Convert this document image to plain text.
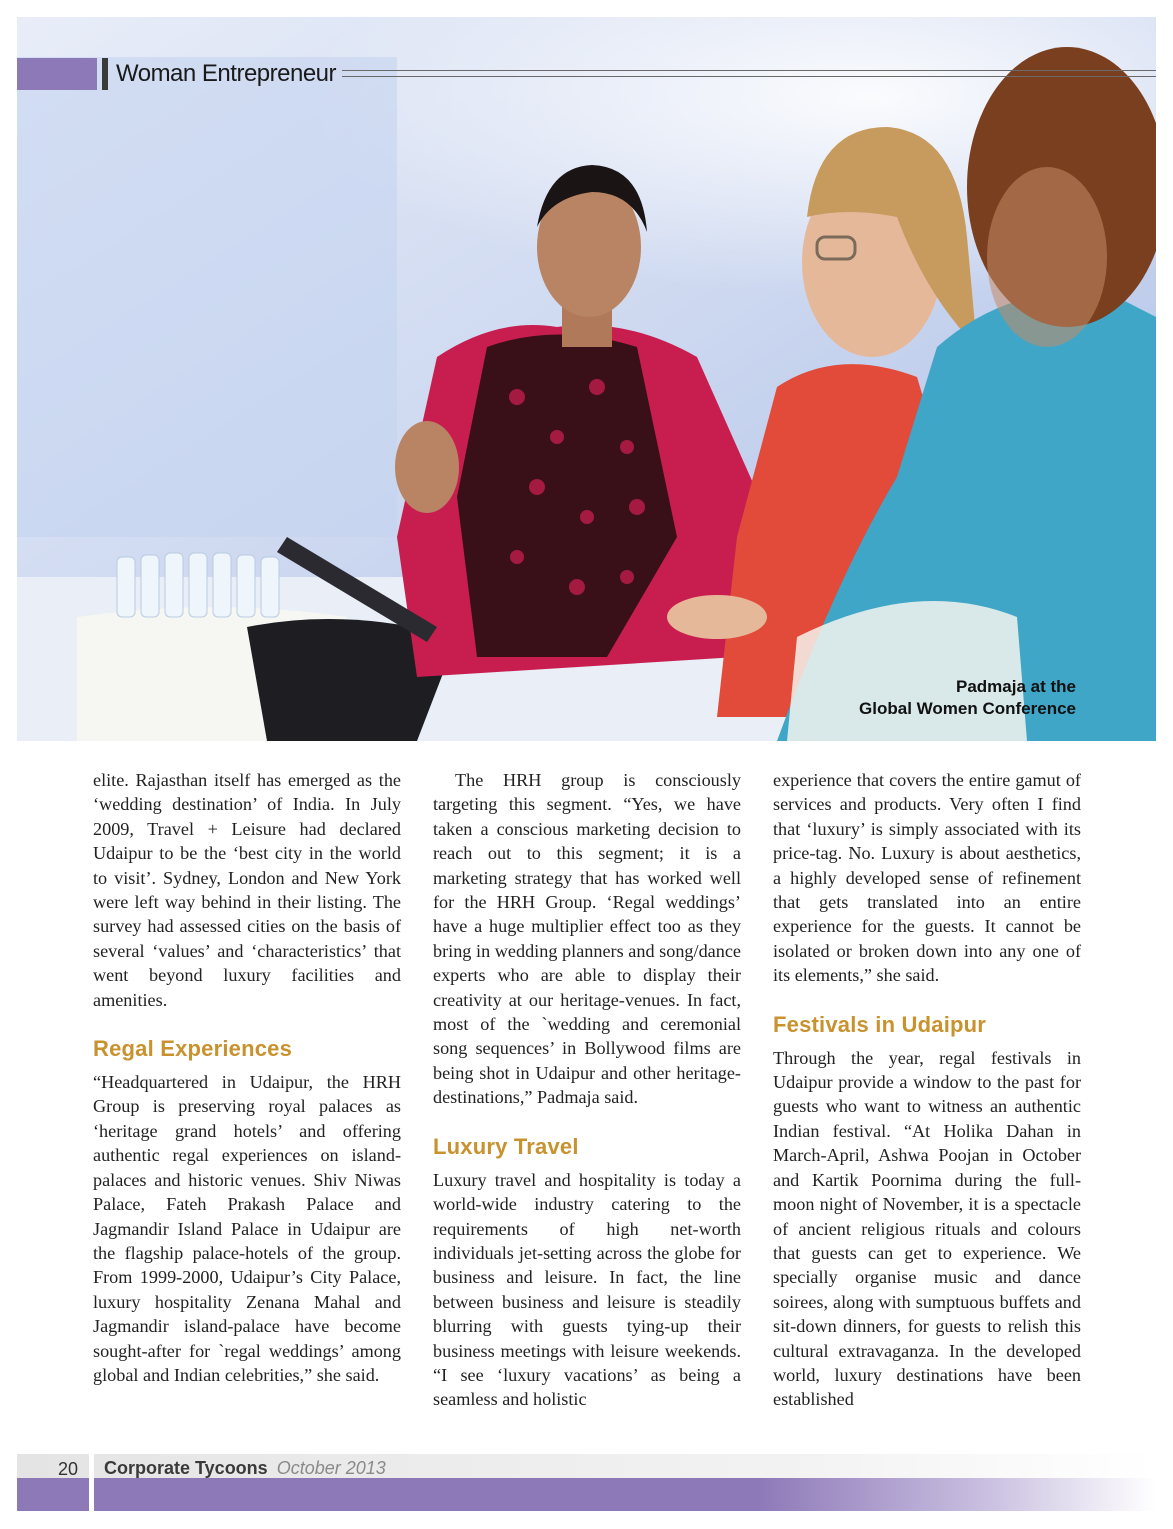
Woman Entrepreneur
Padmaja at the
Global Women Conference

elite. Rajasthan itself has emerged as the ‘wedding destination’ of India. In July 2009, Travel + Leisure had declared Udaipur to be the ‘best city in the world to visit’. Sydney, London and New York were left way behind in their listing. The survey had assessed cities on the basis of several ‘values’ and ‘characteristics’ that went beyond luxury facilities and amenities.

Regal Experiences

“Headquartered in Udaipur, the HRH Group is preserving royal palaces as ‘heritage grand hotels’ and offering authentic regal experiences on island-palaces and historic venues. Shiv Niwas Palace, Fateh Prakash Palace and Jagmandir Island Palace in Udaipur are the flagship palace-hotels of the group. From 1999-2000, Udaipur’s City Palace, luxury hospitality Zenana Mahal and Jagmandir island-palace have become sought-after for `regal weddings’ among global and Indian celebrities,” she said.

The HRH group is consciously targeting this segment. “Yes, we have taken a conscious marketing decision to reach out to this segment; it is a marketing strategy that has worked well for the HRH Group. ‘Regal weddings’ have a huge multiplier effect too as they bring in wedding planners and song/dance experts who are able to display their creativity at our heritage-venues. In fact, most of the `wedding and ceremonial song sequences’ in Bollywood films are being shot in Udaipur and other heritage-destinations,” Padmaja said.

Luxury Travel

Luxury travel and hospitality is today a world-wide industry catering to the requirements of high net-worth individuals jet-setting across the globe for business and leisure. In fact, the line between business and leisure is steadily blurring with guests tying-up their business meetings with leisure weekends. “I see ‘luxury vacations’ as being a seamless and holistic

experience that covers the entire gamut of services and products. Very often I find that ‘luxury’ is simply associated with its price-tag. No. Luxury is about aesthetics, a highly developed sense of refinement that gets translated into an entire experience for the guests. It cannot be isolated or broken down into any one of its elements,” she said.

Festivals in Udaipur

Through the year, regal festivals in Udaipur provide a window to the past for guests who want to witness an authentic Indian festival. “At Holika Dahan in March-April, Ashwa Poojan in October and Kartik Poornima during the full-moon night of November, it is a spectacle of ancient religious rituals and colours that guests can get to experience. We specially organise music and dance soirees, along with sumptuous buffets and sit-down dinners, for guests to relish this cultural extravaganza. In the developed world, luxury destinations have been established

20 Corporate Tycoons October 2013
